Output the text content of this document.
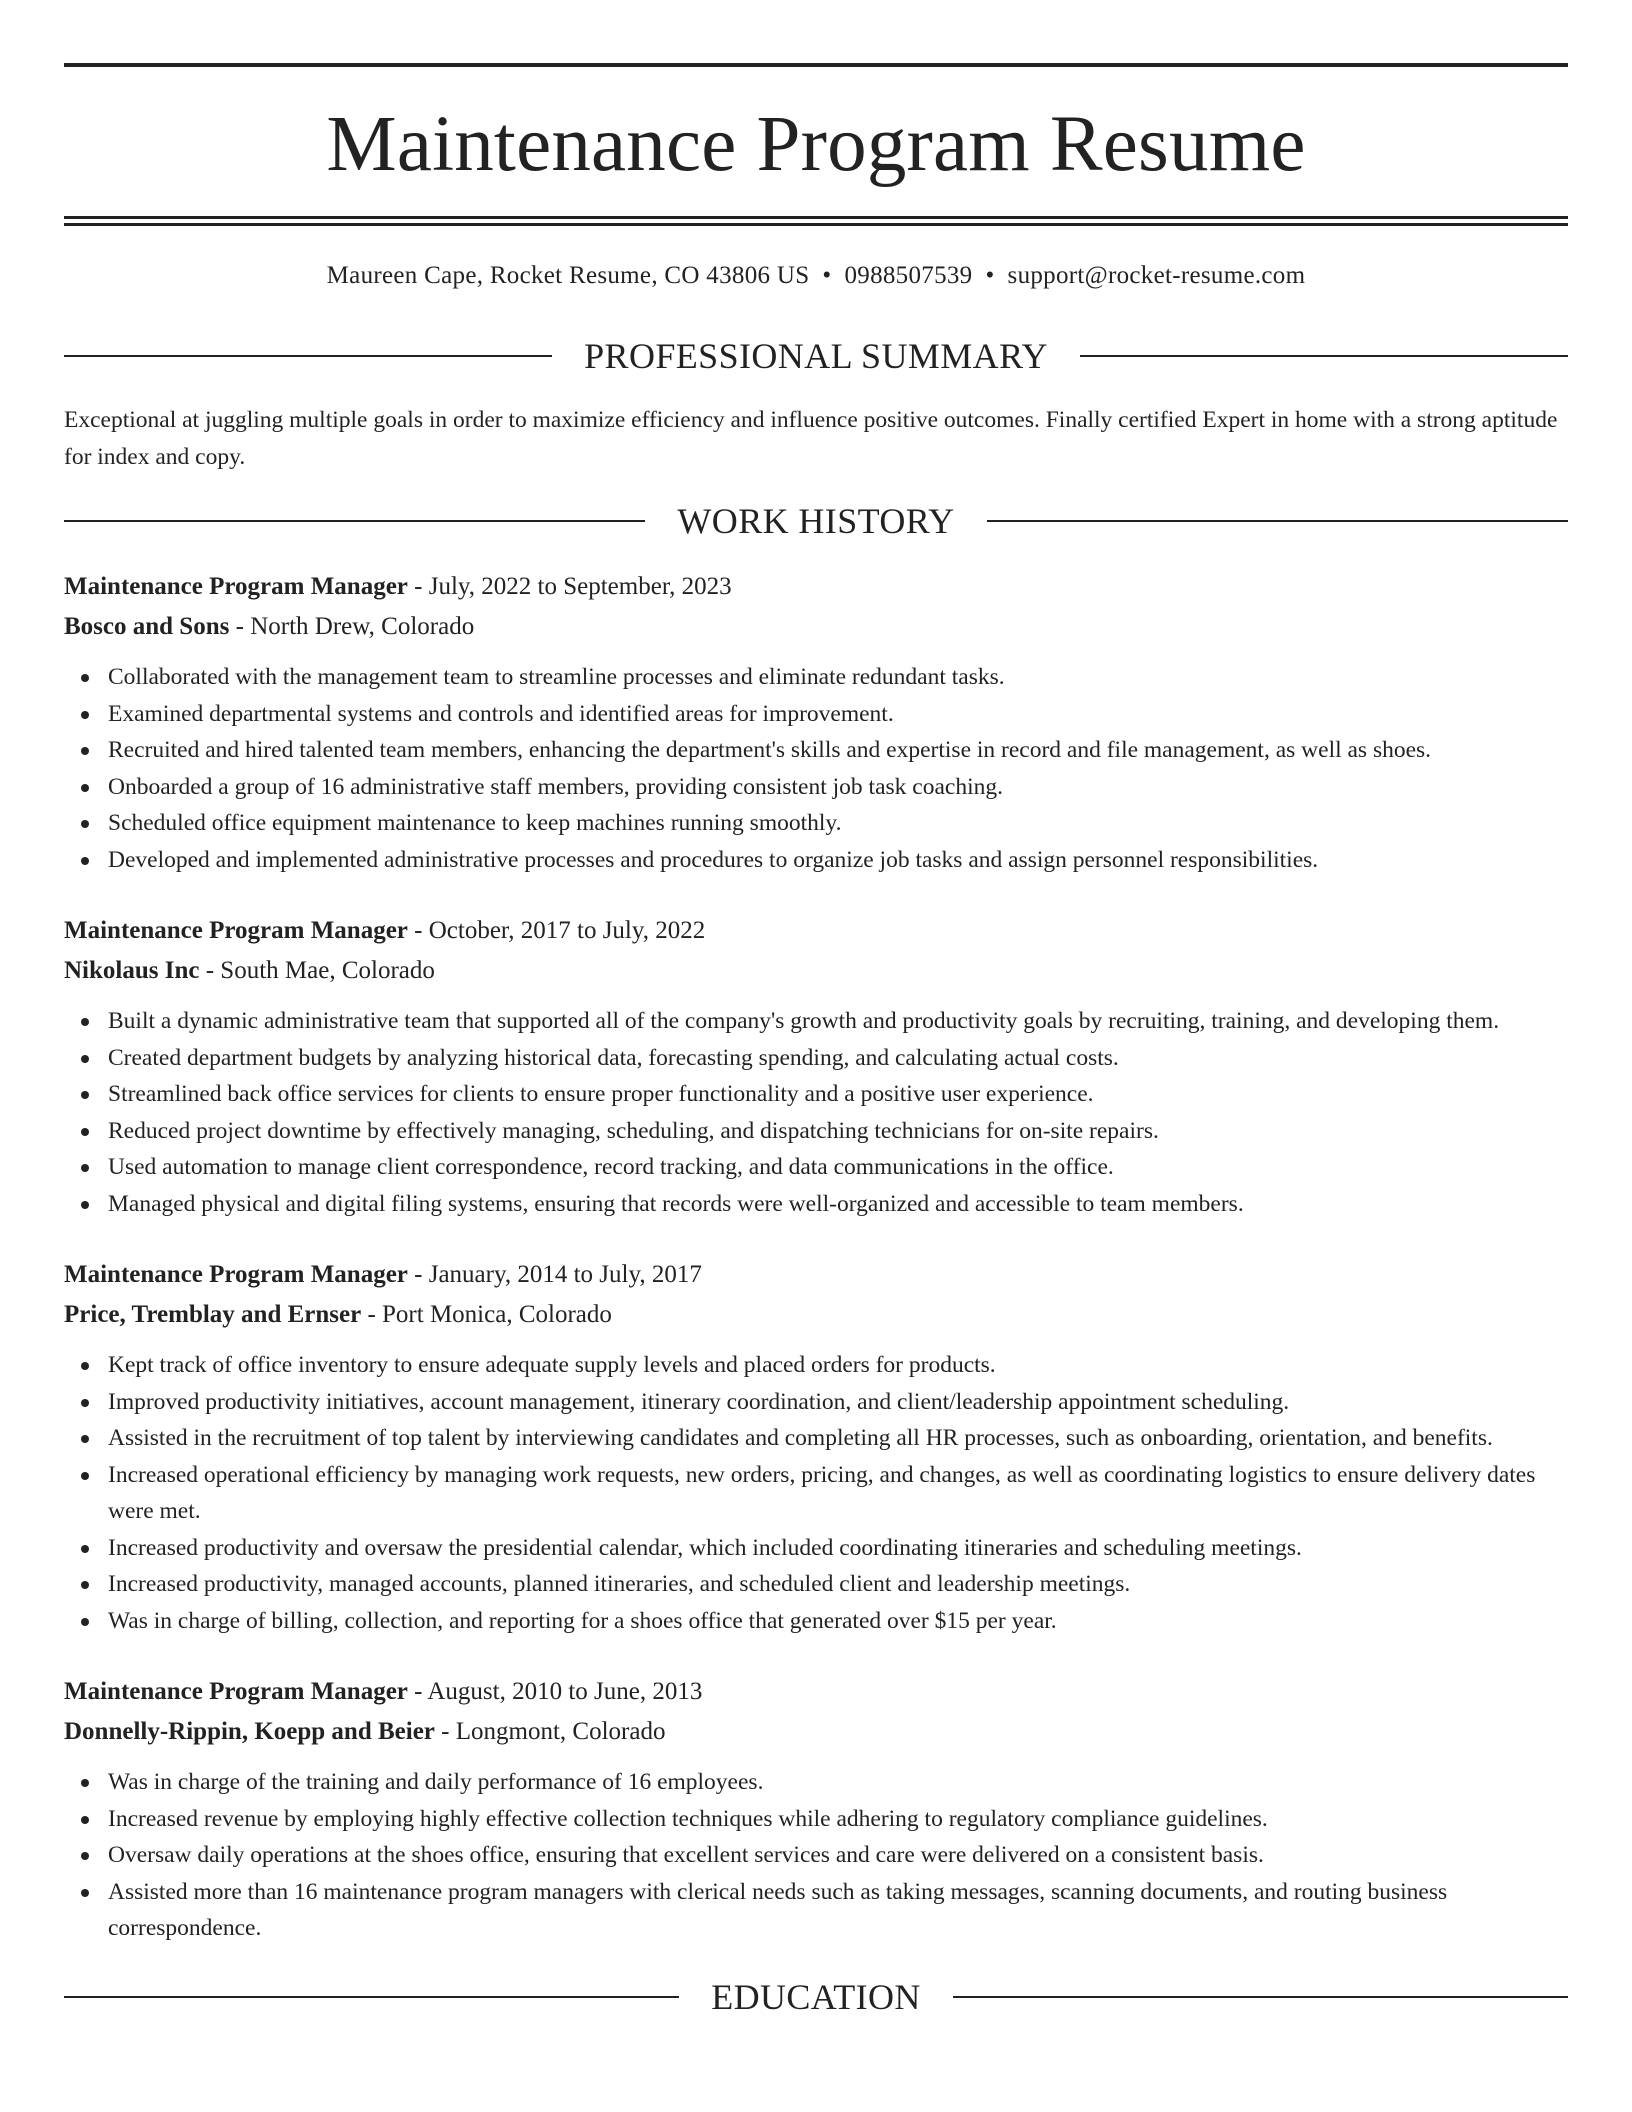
Maintenance Program Resume
Maureen Cape, Rocket Resume, CO 43806 US • 0988507539 • support@rocket-resume.com
PROFESSIONAL SUMMARY
Exceptional at juggling multiple goals in order to maximize efficiency and influence positive outcomes. Finally certified Expert in home with a strong aptitude for index and copy.
WORK HISTORY
Maintenance Program Manager - July, 2022 to September, 2023
Bosco and Sons - North Drew, Colorado
Collaborated with the management team to streamline processes and eliminate redundant tasks.
Examined departmental systems and controls and identified areas for improvement.
Recruited and hired talented team members, enhancing the department's skills and expertise in record and file management, as well as shoes.
Onboarded a group of 16 administrative staff members, providing consistent job task coaching.
Scheduled office equipment maintenance to keep machines running smoothly.
Developed and implemented administrative processes and procedures to organize job tasks and assign personnel responsibilities.
Maintenance Program Manager - October, 2017 to July, 2022
Nikolaus Inc - South Mae, Colorado
Built a dynamic administrative team that supported all of the company's growth and productivity goals by recruiting, training, and developing them.
Created department budgets by analyzing historical data, forecasting spending, and calculating actual costs.
Streamlined back office services for clients to ensure proper functionality and a positive user experience.
Reduced project downtime by effectively managing, scheduling, and dispatching technicians for on-site repairs.
Used automation to manage client correspondence, record tracking, and data communications in the office.
Managed physical and digital filing systems, ensuring that records were well-organized and accessible to team members.
Maintenance Program Manager - January, 2014 to July, 2017
Price, Tremblay and Ernser - Port Monica, Colorado
Kept track of office inventory to ensure adequate supply levels and placed orders for products.
Improved productivity initiatives, account management, itinerary coordination, and client/leadership appointment scheduling.
Assisted in the recruitment of top talent by interviewing candidates and completing all HR processes, such as onboarding, orientation, and benefits.
Increased operational efficiency by managing work requests, new orders, pricing, and changes, as well as coordinating logistics to ensure delivery dates were met.
Increased productivity and oversaw the presidential calendar, which included coordinating itineraries and scheduling meetings.
Increased productivity, managed accounts, planned itineraries, and scheduled client and leadership meetings.
Was in charge of billing, collection, and reporting for a shoes office that generated over $15 per year.
Maintenance Program Manager - August, 2010 to June, 2013
Donnelly-Rippin, Koepp and Beier - Longmont, Colorado
Was in charge of the training and daily performance of 16 employees.
Increased revenue by employing highly effective collection techniques while adhering to regulatory compliance guidelines.
Oversaw daily operations at the shoes office, ensuring that excellent services and care were delivered on a consistent basis.
Assisted more than 16 maintenance program managers with clerical needs such as taking messages, scanning documents, and routing business correspondence.
EDUCATION
